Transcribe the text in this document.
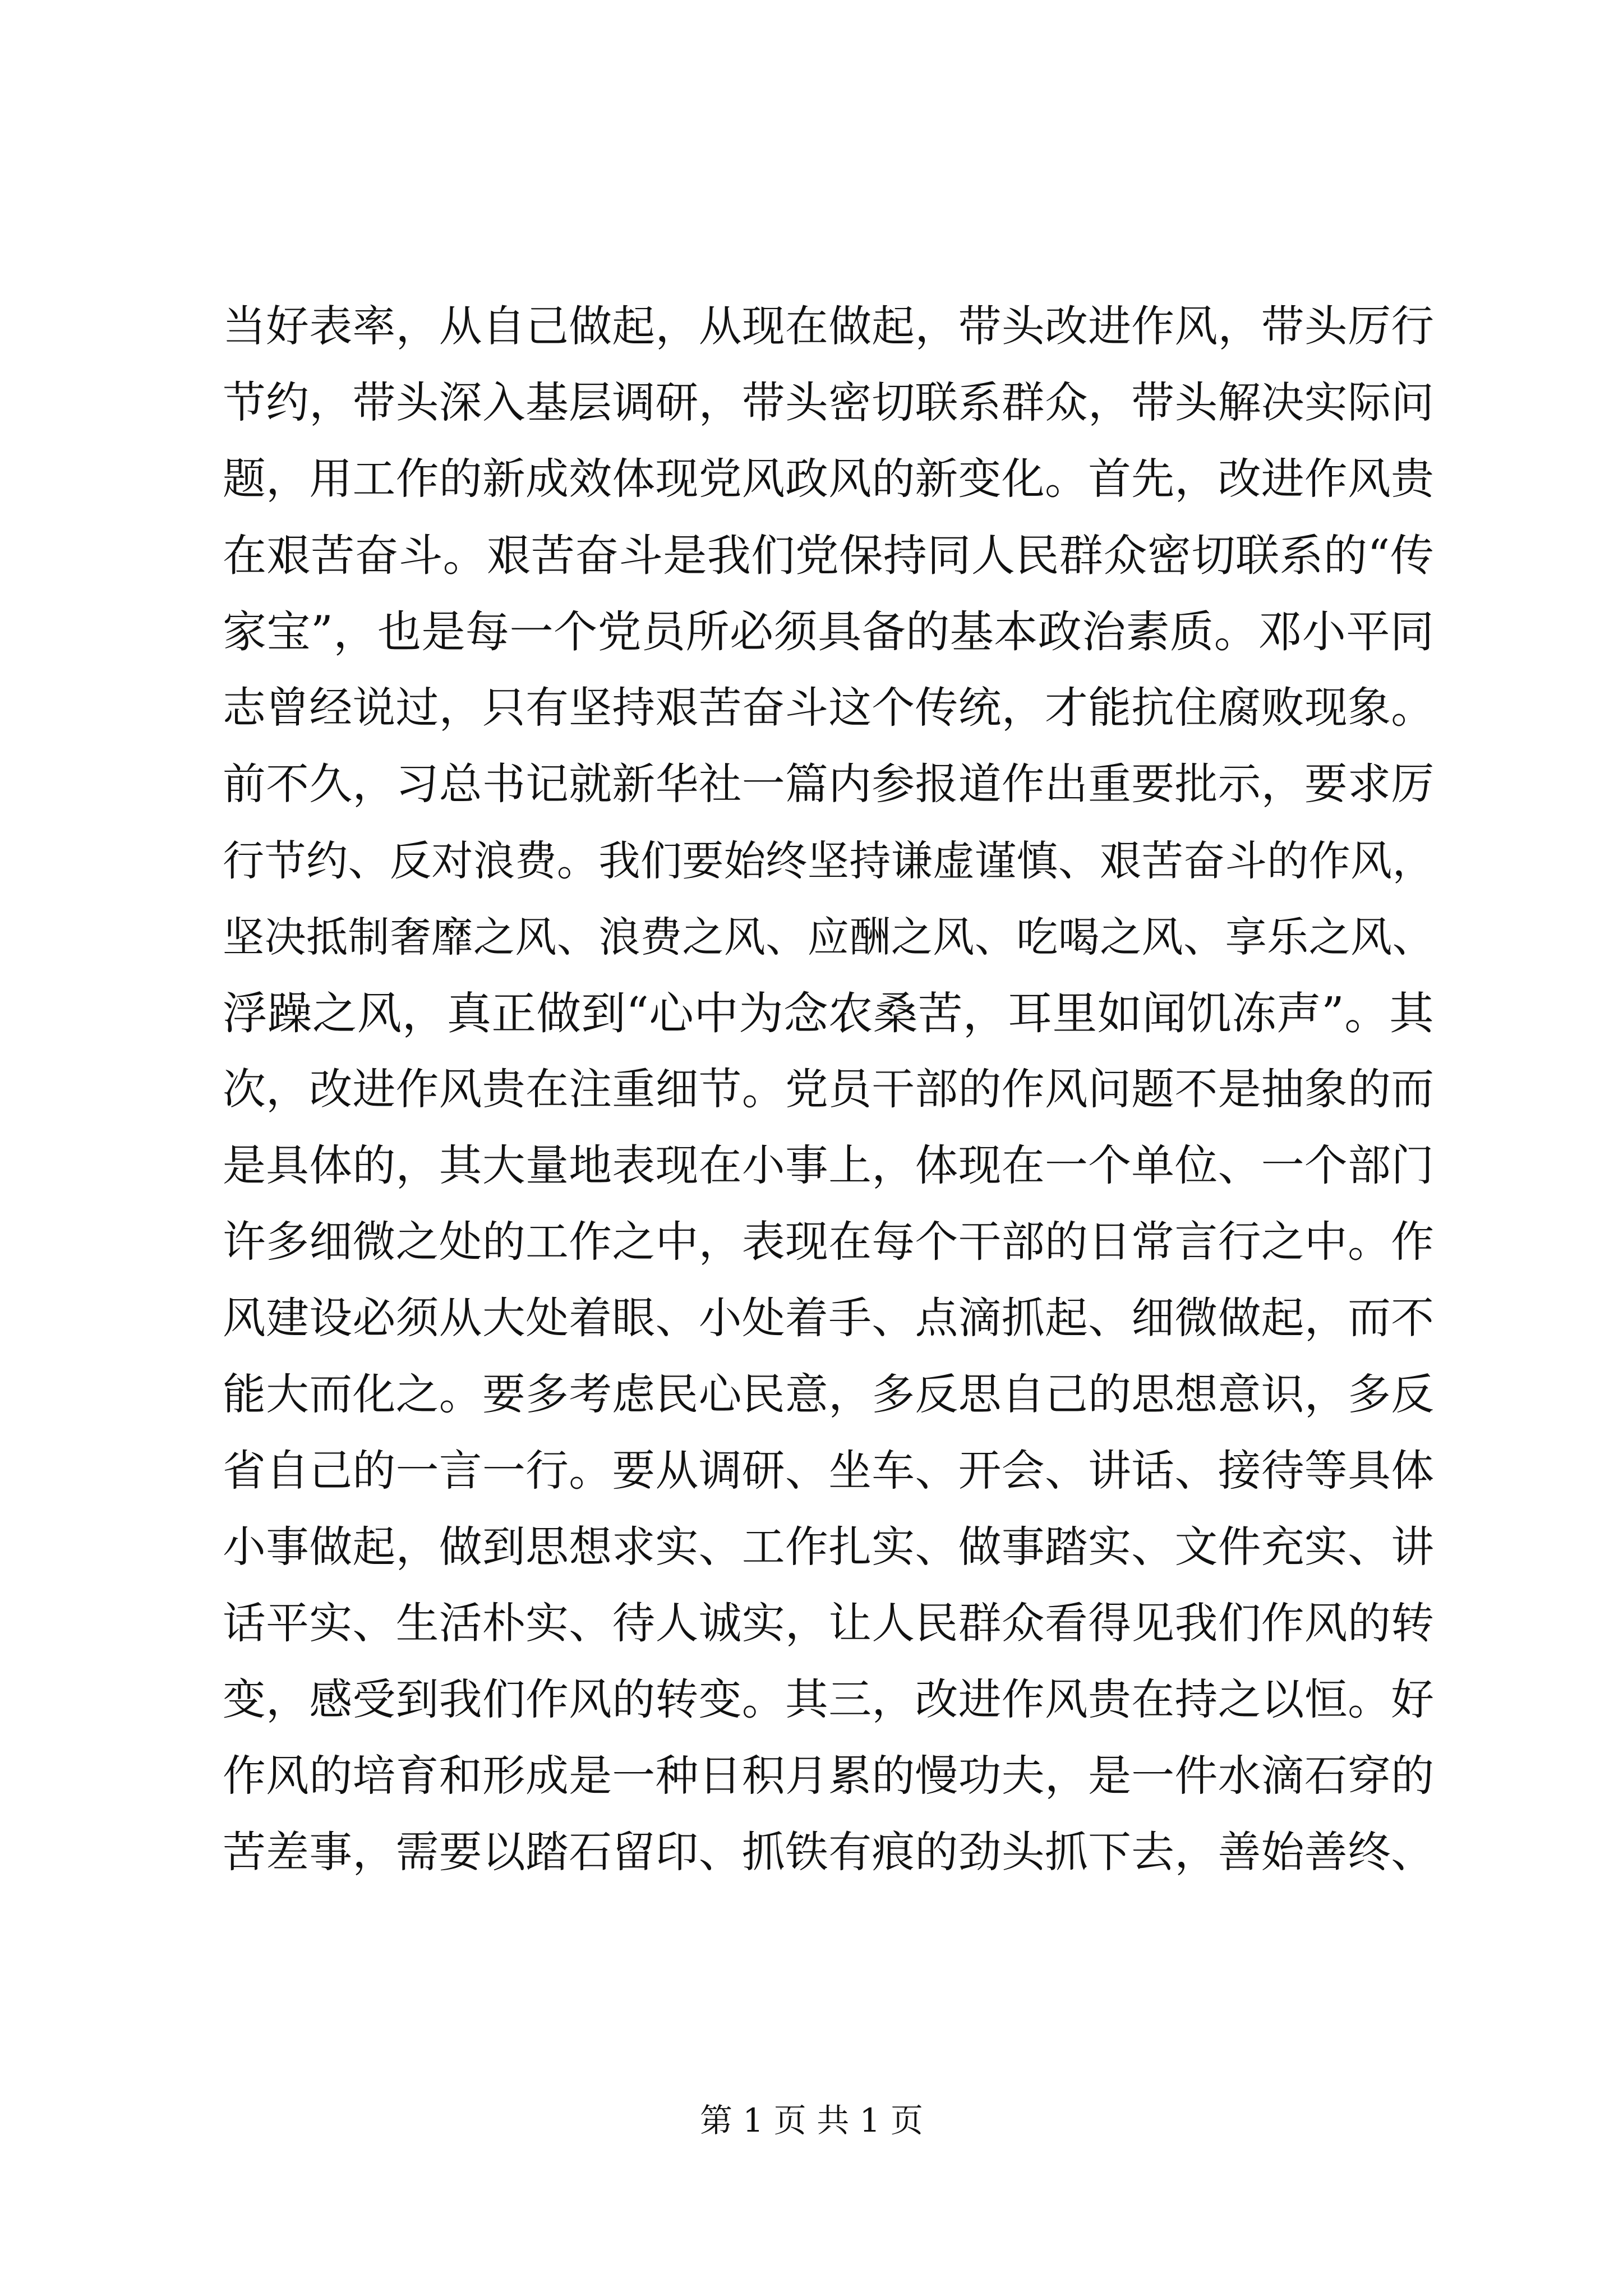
当 好 表 率 ， 从 自 己 做 起 ， 从 现 在 做 起 ， 带 头 改 进 作 风 ， 带 头 厉 行
节 约 ， 带 头 深 入 基 层 调 研 ， 带 头 密 切 联 系 群 众 ， 带 头 解 决 实 际 问
题 ， 用 工 作 的 新 成 效 体 现 党 风 政 风 的 新 变 化 。 首 先 ， 改 进 作 风 贵
在 艰 苦 奋 斗 。 艰 苦 奋 斗 是 我 们 党 保 持 同 人 民 群 众 密 切 联 系 的 “ 传
家 宝 ” ， 也 是 每 一 个 党 员 所 必 须 具 备 的 基 本 政 治 素 质 。 邓 小 平 同
志 曾 经 说 过 ， 只 有 坚 持 艰 苦 奋 斗 这 个 传 统 ， 才 能 抗 住 腐 败 现 象 。
前 不 久 ， 习 总 书 记 就 新 华 社 一 篇 内 参 报 道 作 出 重 要 批 示 ， 要 求 厉
行 节 约 、 反 对 浪 费 。 我 们 要 始 终 坚 持 谦 虚 谨 慎 、 艰 苦 奋 斗 的 作 风 ，
坚 决 抵 制 奢 靡 之 风 、 浪 费 之 风 、 应 酬 之 风 、 吃 喝 之 风 、 享 乐 之 风 、
浮 躁 之 风 ， 真 正 做 到 “ 心 中 为 念 农 桑 苦 ， 耳 里 如 闻 饥 冻 声 ” 。 其
次 ， 改 进 作 风 贵 在 注 重 细 节 。 党 员 干 部 的 作 风 问 题 不 是 抽 象 的 而
是 具 体 的 ， 其 大 量 地 表 现 在 小 事 上 ， 体 现 在 一 个 单 位 、 一 个 部 门
许 多 细 微 之 处 的 工 作 之 中 ， 表 现 在 每 个 干 部 的 日 常 言 行 之 中 。 作
风 建 设 必 须 从 大 处 着 眼 、 小 处 着 手 、 点 滴 抓 起 、 细 微 做 起 ， 而 不
能 大 而 化 之 。 要 多 考 虑 民 心 民 意 ， 多 反 思 自 己 的 思 想 意 识 ， 多 反
省 自 己 的 一 言 一 行 。 要 从 调 研 、 坐 车 、 开 会 、 讲 话 、 接 待 等 具 体
小 事 做 起 ， 做 到 思 想 求 实 、 工 作 扎 实 、 做 事 踏 实 、 文 件 充 实 、 讲
话 平 实 、 生 活 朴 实 、 待 人 诚 实 ， 让 人 民 群 众 看 得 见 我 们 作 风 的 转
变 ， 感 受 到 我 们 作 风 的 转 变 。 其 三 ， 改 进 作 风 贵 在 持 之 以 恒 。 好
作 风 的 培 育 和 形 成 是 一 种 日 积 月 累 的 慢 功 夫 ， 是 一 件 水 滴 石 穿 的
苦 差 事 ， 需 要 以 踏 石 留 印 、 抓 铁 有 痕 的 劲 头 抓 下 去 ， 善 始 善 终 、
第 1 页 共 1 页
